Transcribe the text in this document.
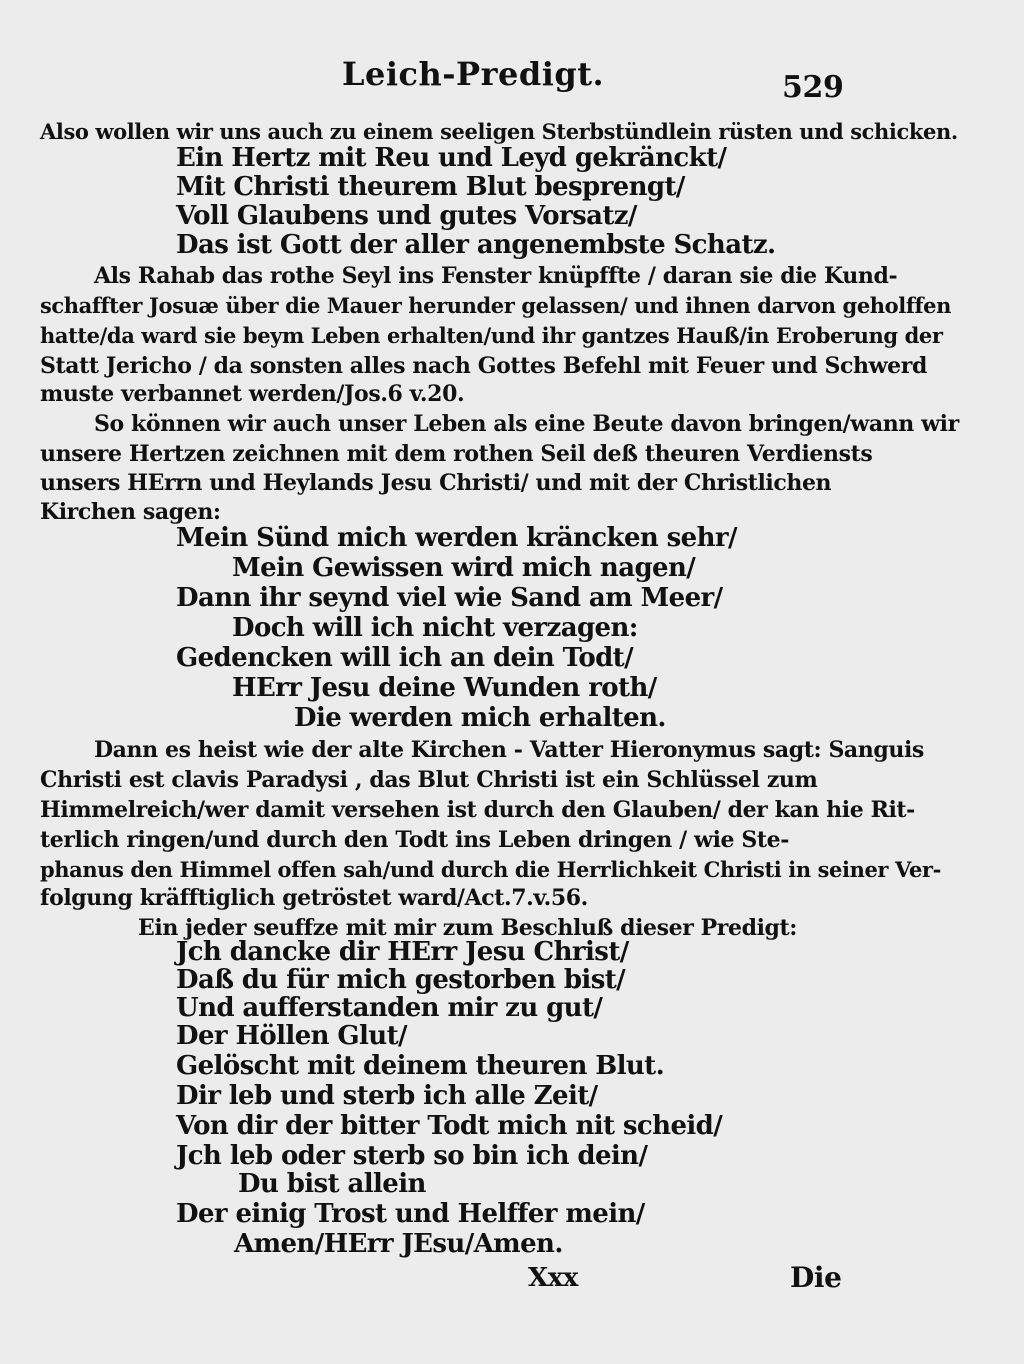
Leich-Predigt.	529
Also wollen wir uns auch zu einem seeligen Sterbstündlein rüsten und schicken.
Ein Hertz mit Reu und Leyd gekränckt/
Mit Christi theurem Blut besprengt/
Voll Glaubens und gutes Vorsatz/
Das ist Gott der aller angenembste Schatz.
Als Rahab das rothe Seyl ins Fenster knüpffte / daran sie die Kund-
schaffter Josuæ über die Mauer herunder gelassen/ und ihnen darvon geholffen
hatte/da ward sie beym Leben erhalten/und ihr gantzes Hauß/in Eroberung der
Statt Jericho / da sonsten alles nach Gottes Befehl mit Feuer und Schwerd
muste verbannet werden/Jos.6 v.20.
So können wir auch unser Leben als eine Beute davon bringen/wann wir
unsere Hertzen zeichnen mit dem rothen Seil deß theuren Verdiensts
unsers HErrn und Heylands Jesu Christi/ und mit der Christlichen
Kirchen sagen:
Mein Sünd mich werden kräncken sehr/
Mein Gewissen wird mich nagen/
Dann ihr seynd viel wie Sand am Meer/
Doch will ich nicht verzagen:
Gedencken will ich an dein Todt/
HErr Jesu deine Wunden roth/
Die werden mich erhalten.
Dann es heist wie der alte Kirchen - Vatter Hieronymus sagt: Sanguis
Christi est clavis Paradysi , das Blut Christi ist ein Schlüssel zum
Himmelreich/wer damit versehen ist durch den Glauben/ der kan hie Rit-
terlich ringen/und durch den Todt ins Leben dringen / wie Ste-
phanus den Himmel offen sah/und durch die Herrlichkeit Christi in seiner Ver-
folgung kräfftiglich getröstet ward/Act.7.v.56.
Ein jeder seuffze mit mir zum Beschluß dieser Predigt:
Jch dancke dir HErr Jesu Christ/
Daß du für mich gestorben bist/
Und aufferstanden mir zu gut/
Der Höllen Glut/
Gelöscht mit deinem theuren Blut.
Dir leb und sterb ich alle Zeit/
Von dir der bitter Todt mich nit scheid/
Jch leb oder sterb so bin ich dein/
Du bist allein
Der einig Trost und Helffer mein/
Amen/HErr JEsu/Amen.
Xxx	Die
